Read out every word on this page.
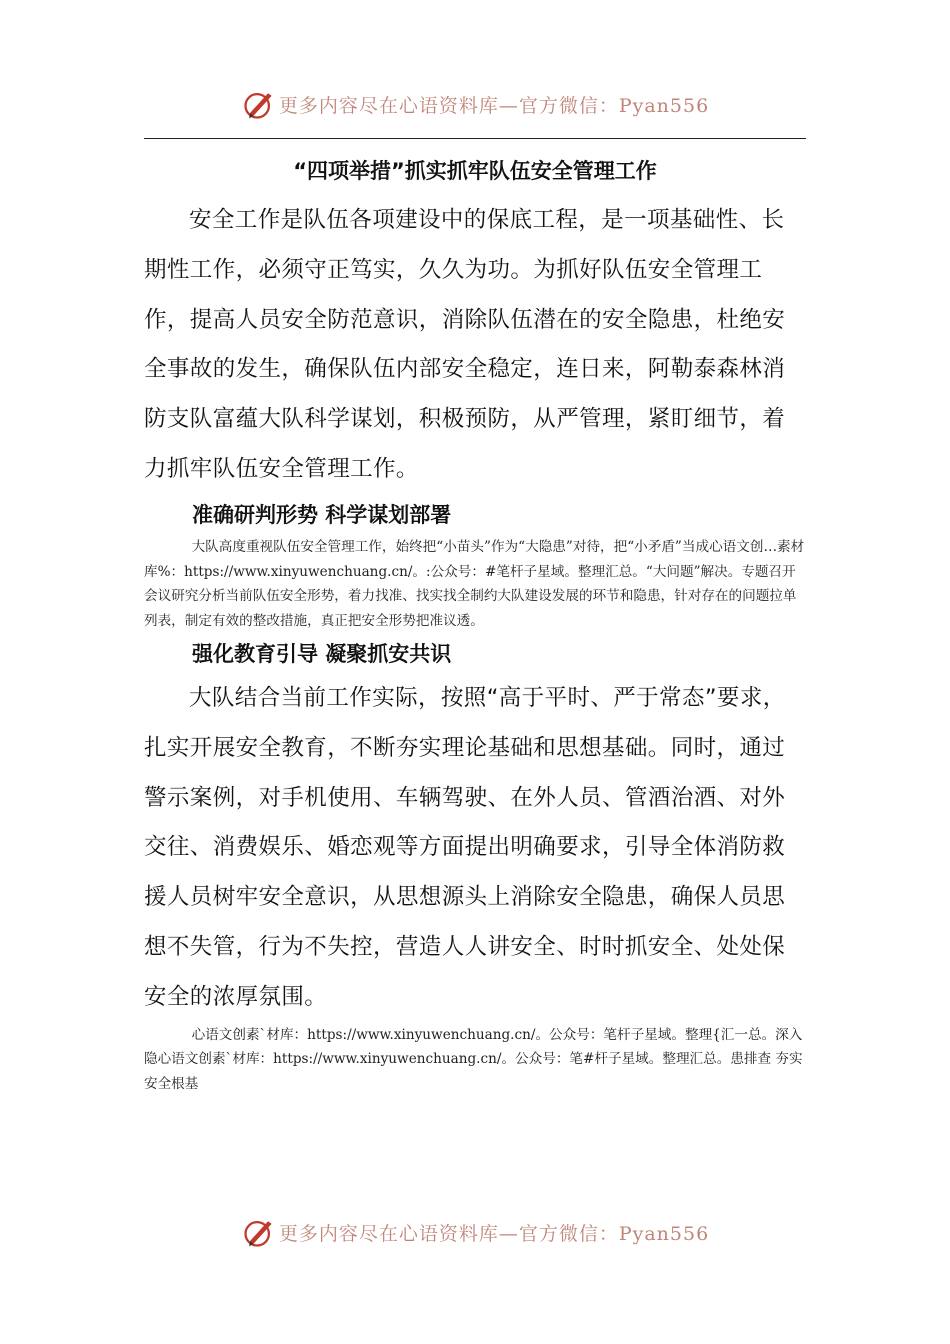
更多内容尽在心语资料库—官方微信：Pyan556
“四项举措”抓实抓牢队伍安全管理工作

安全工作是队伍各项建设中的保底工程，是一项基础性、长期性工作，必须守正笃实，久久为功。为抓好队伍安全管理工作，提高人员安全防范意识，消除队伍潜在的安全隐患，杜绝安全事故的发生，确保队伍内部安全稳定，连日来，阿勒泰森林消防支队富蕴大队科学谋划，积极预防，从严管理，紧盯细节，着力抓牢队伍安全管理工作。

准确研判形势 科学谋划部署

大队高度重视队伍安全管理工作，始终把“小苗头”作为“大隐患”对待，把“小矛盾”当成心语文创…素材库%：https://www.xinyuwenchuang.cn/。:公众号：#笔杆子星域。整理汇总。“大问题”解决。专题召开会议研究分析当前队伍安全形势，着力找准、找实找全制约大队建设发展的环节和隐患，针对存在的问题拉单列表，制定有效的整改措施，真正把安全形势把准议透。

强化教育引导 凝聚抓安共识

大队结合当前工作实际，按照“高于平时、严于常态”要求，扎实开展安全教育，不断夯实理论基础和思想基础。同时，通过警示案例，对手机使用、车辆驾驶、在外人员、管酒治酒、对外交往、消费娱乐、婚恋观等方面提出明确要求，引导全体消防救援人员树牢安全意识，从思想源头上消除安全隐患，确保人员思想不失管，行为不失控，营造人人讲安全、时时抓安全、处处保安全的浓厚氛围。

心语文创素`材库：https://www.xinyuwenchuang.cn/。公众号：笔杆子星域。整理{汇一总。深入隐心语文创素`材库：https://www.xinyuwenchuang.cn/。公众号：笔#杆子星域。整理汇总。患排查 夯实安全根基

更多内容尽在心语资料库—官方微信：Pyan556
